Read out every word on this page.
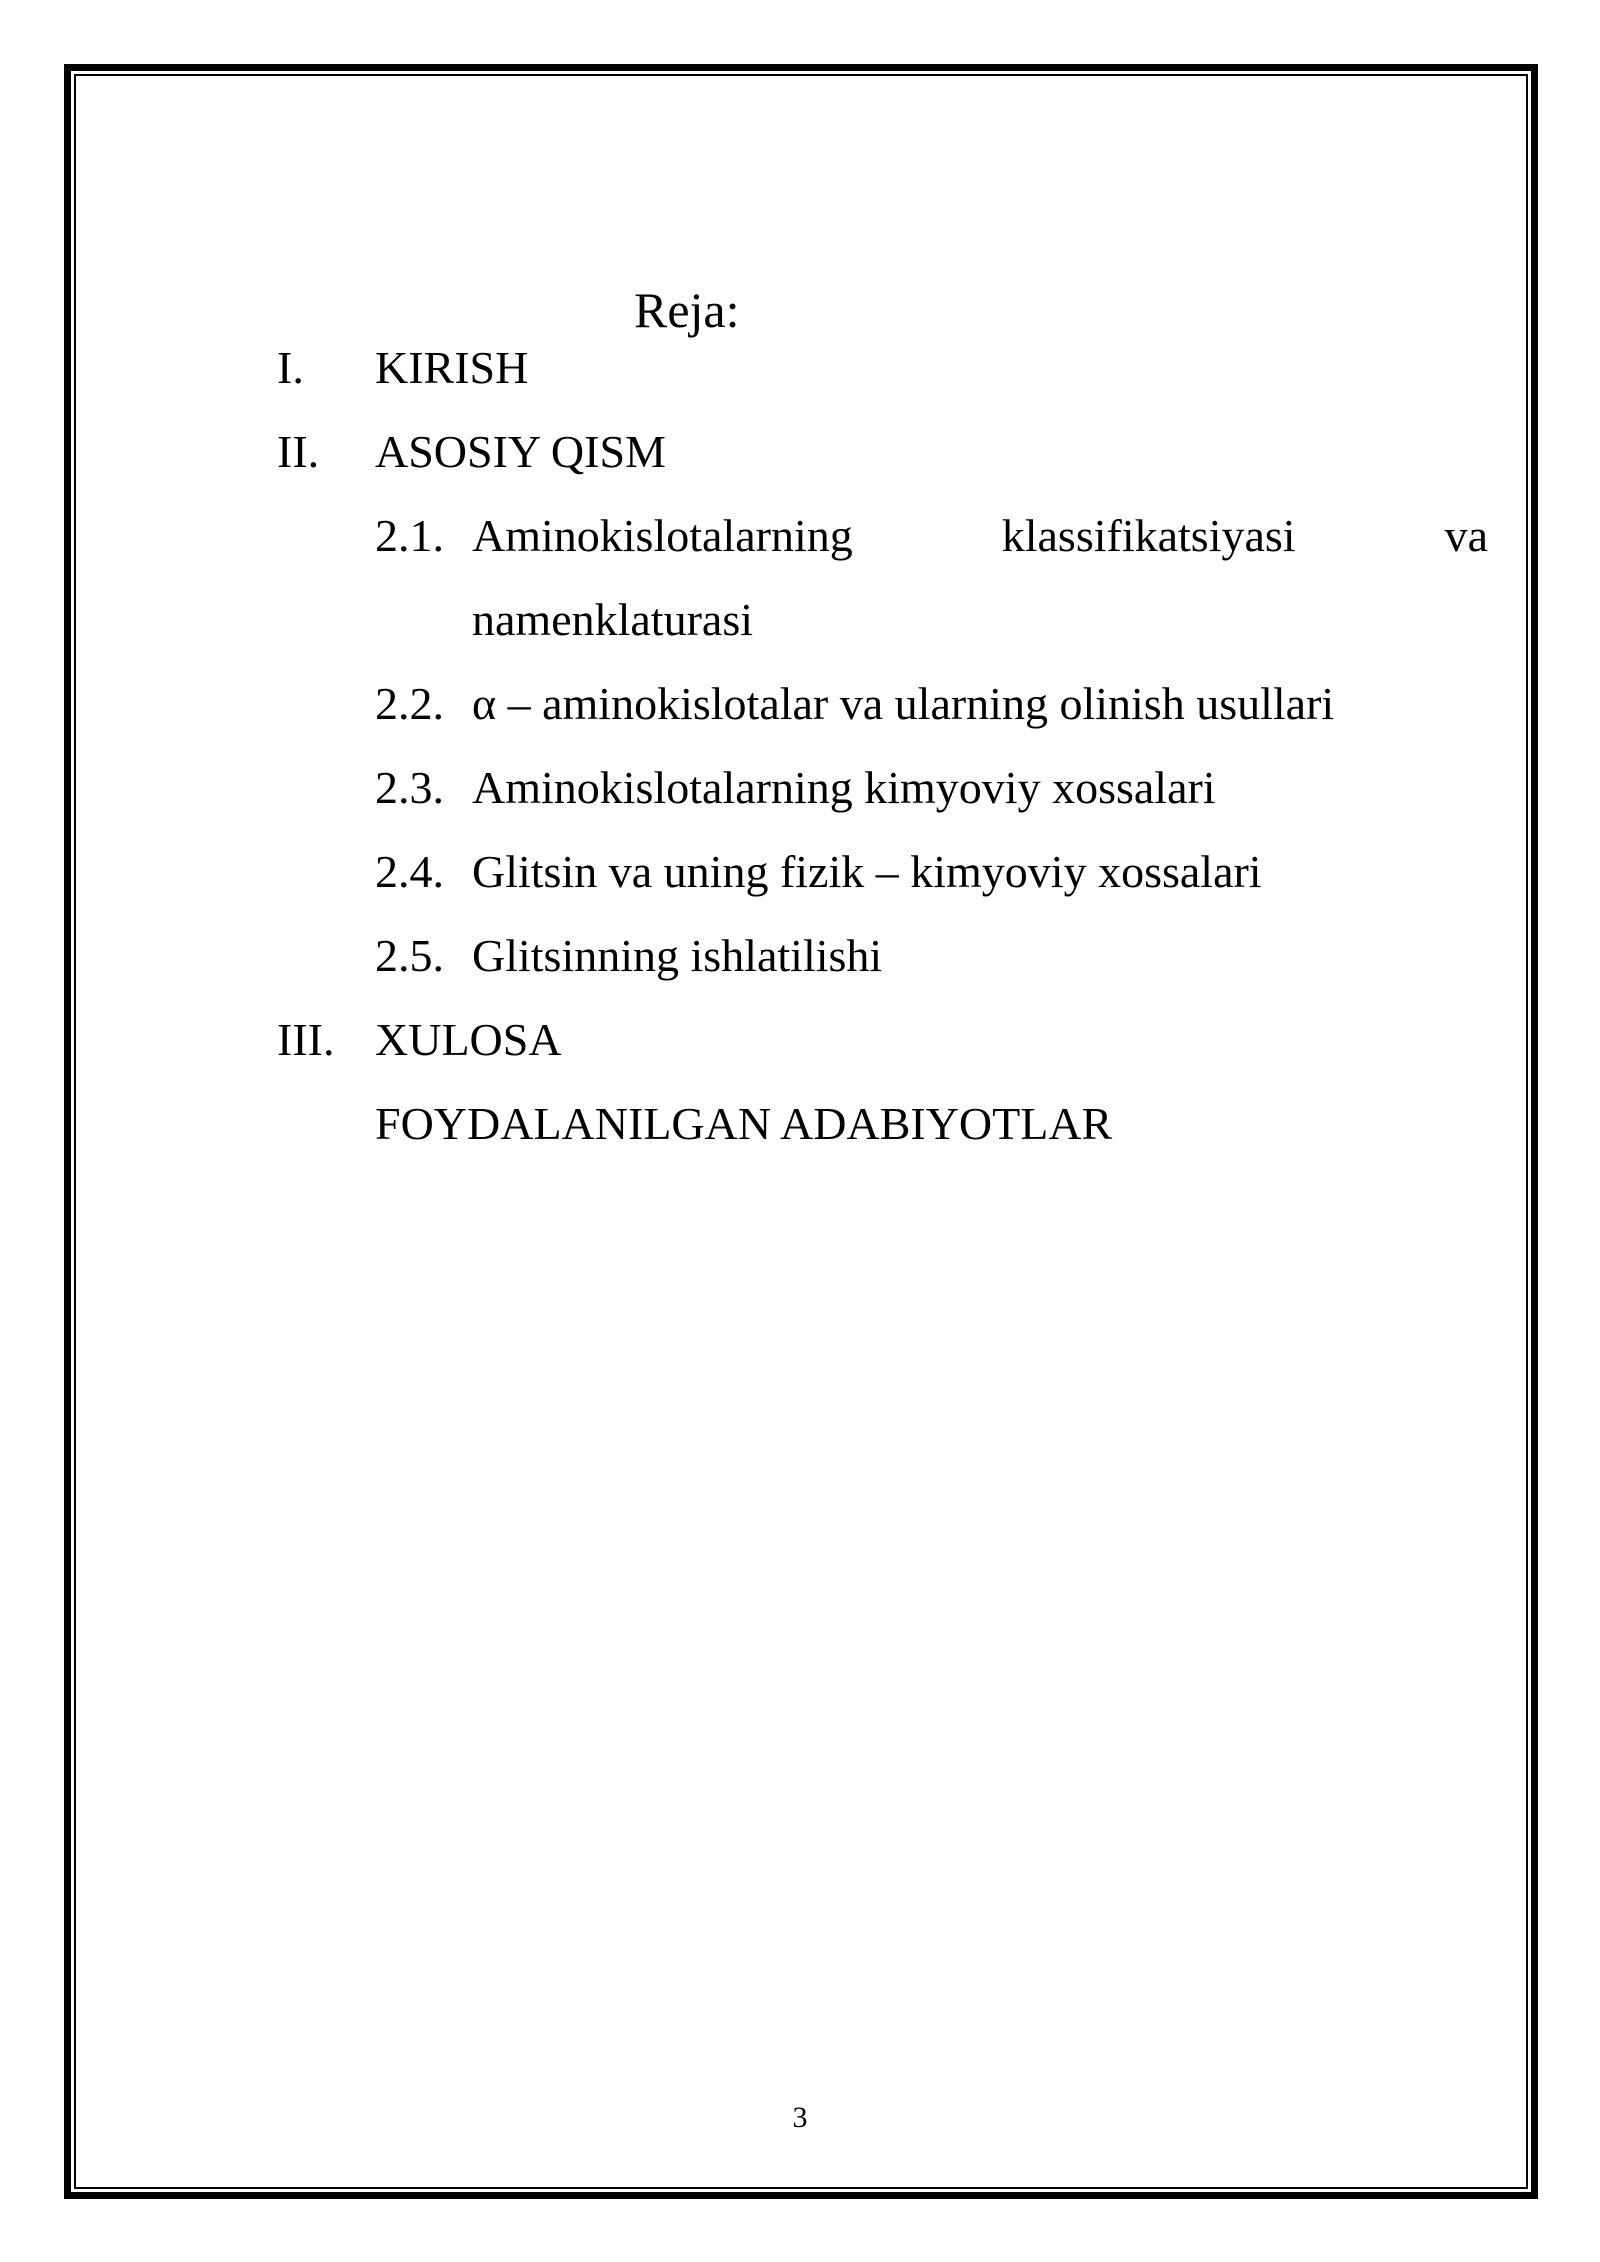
Reja:
I. KIRISH
II. ASOSIY QISM
2.1. Aminokislotalarning	klassifikatsiyasi	va
namenklaturasi
2.2. α – aminokislotalar va ularning olinish usullari
2.3. Aminokislotalarning kimyoviy xossalari
2.4. Glitsin va uning fizik – kimyoviy xossalari
2.5. Glitsinning ishlatilishi
III. XULOSA
FOYDALANILGAN ADABIYOTLAR
3
